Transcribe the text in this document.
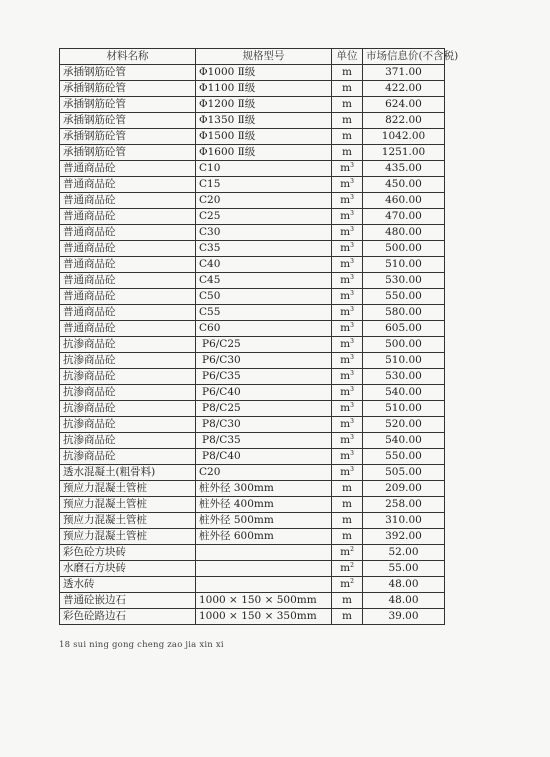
材料名称	规格型号	单位	市场信息价(不含税)
承插钢筋砼管	Φ1000 Ⅱ级	m	371.00
承插钢筋砼管	Φ1100 Ⅱ级	m	422.00
承插钢筋砼管	Φ1200 Ⅱ级	m	624.00
承插钢筋砼管	Φ1350 Ⅱ级	m	822.00
承插钢筋砼管	Φ1500 Ⅱ级	m	1042.00
承插钢筋砼管	Φ1600 Ⅱ级	m	1251.00
普通商品砼	C10	$m^3$	435.00
普通商品砼	C15	$m^3$	450.00
普通商品砼	C20	$m^3$	460.00
普通商品砼	C25	$m^3$	470.00
普通商品砼	C30	$m^3$	480.00
普通商品砼	C35	$m^3$	500.00
普通商品砼	C40	$m^3$	510.00
普通商品砼	C45	$m^3$	530.00
普通商品砼	C50	$m^3$	550.00
普通商品砼	C55	$m^3$	580.00
普通商品砼	C60	$m^3$	605.00
抗渗商品砼	P6/C25	$m^3$	500.00
抗渗商品砼	P6/C30	$m^3$	510.00
抗渗商品砼	P6/C35	$m^3$	530.00
抗渗商品砼	P6/C40	$m^3$	540.00
抗渗商品砼	P8/C25	$m^3$	510.00
抗渗商品砼	P8/C30	$m^3$	520.00
抗渗商品砼	P8/C35	$m^3$	540.00
抗渗商品砼	P8/C40	$m^3$	550.00
透水混凝土(粗骨料)	C20	$m^3$	505.00
预应力混凝土管桩	桩外径 300mm	m	209.00
预应力混凝土管桩	桩外径 400mm	m	258.00
预应力混凝土管桩	桩外径 500mm	m	310.00
预应力混凝土管桩	桩外径 600mm	m	392.00
彩色砼方块砖		$m^2$	52.00
水磨石方块砖		$m^2$	55.00
透水砖		$m^2$	48.00
普通砼嵌边石	1000 × 150 × 500mm	m	48.00
彩色砼路边石	1000 × 150 × 350mm	m	39.00
18 sui ning gong cheng zao jia xin xi
